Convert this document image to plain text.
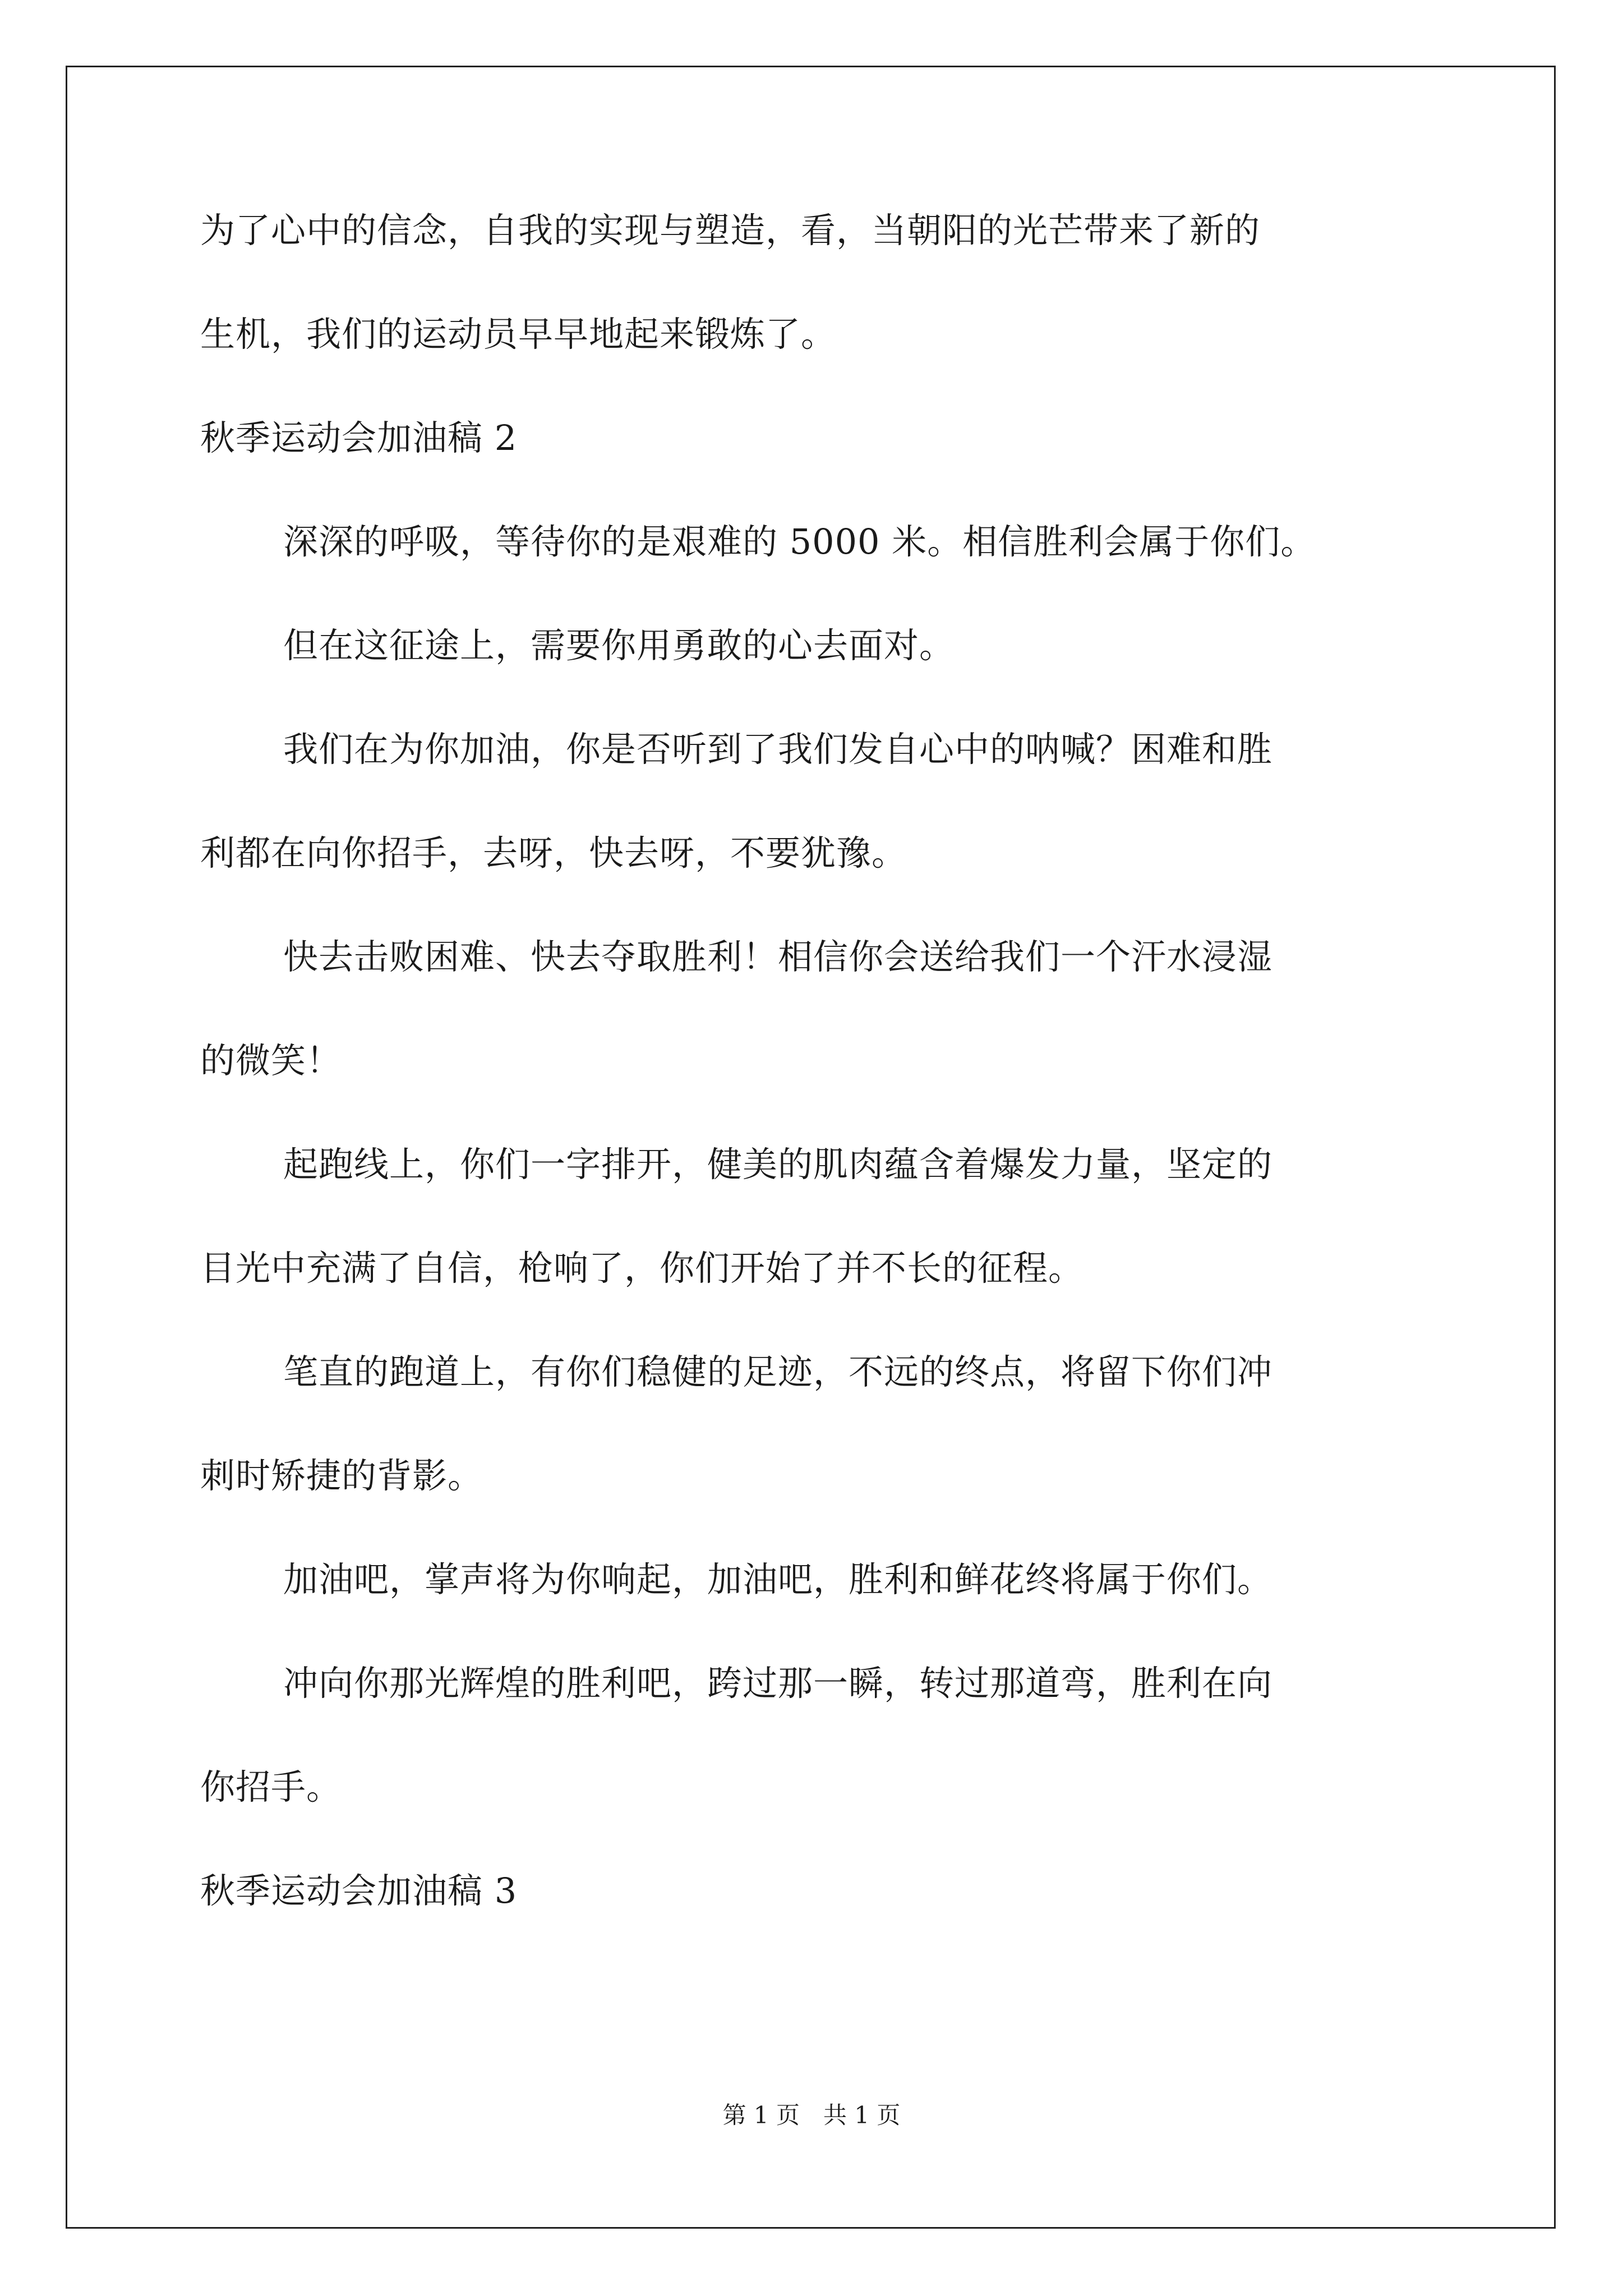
为了心中的信念，自我的实现与塑造，看，当朝阳的光芒带来了新的
生机，我们的运动员早早地起来锻炼了。
秋季运动会加油稿 2
深深的呼吸，等待你的是艰难的 5000 米。相信胜利会属于你们。
但在这征途上，需要你用勇敢的心去面对。
我们在为你加油，你是否听到了我们发自心中的呐喊？困难和胜
利都在向你招手，去呀，快去呀，不要犹豫。
快去击败困难、快去夺取胜利！相信你会送给我们一个汗水浸湿
的微笑！
起跑线上，你们一字排开，健美的肌肉蕴含着爆发力量，坚定的
目光中充满了自信，枪响了，你们开始了并不长的征程。
笔直的跑道上，有你们稳健的足迹，不远的终点，将留下你们冲
刺时矫捷的背影。
加油吧，掌声将为你响起，加油吧，胜利和鲜花终将属于你们。
冲向你那光辉煌的胜利吧，跨过那一瞬，转过那道弯，胜利在向
你招手。
秋季运动会加油稿 3
第 1 页　共 1 页
